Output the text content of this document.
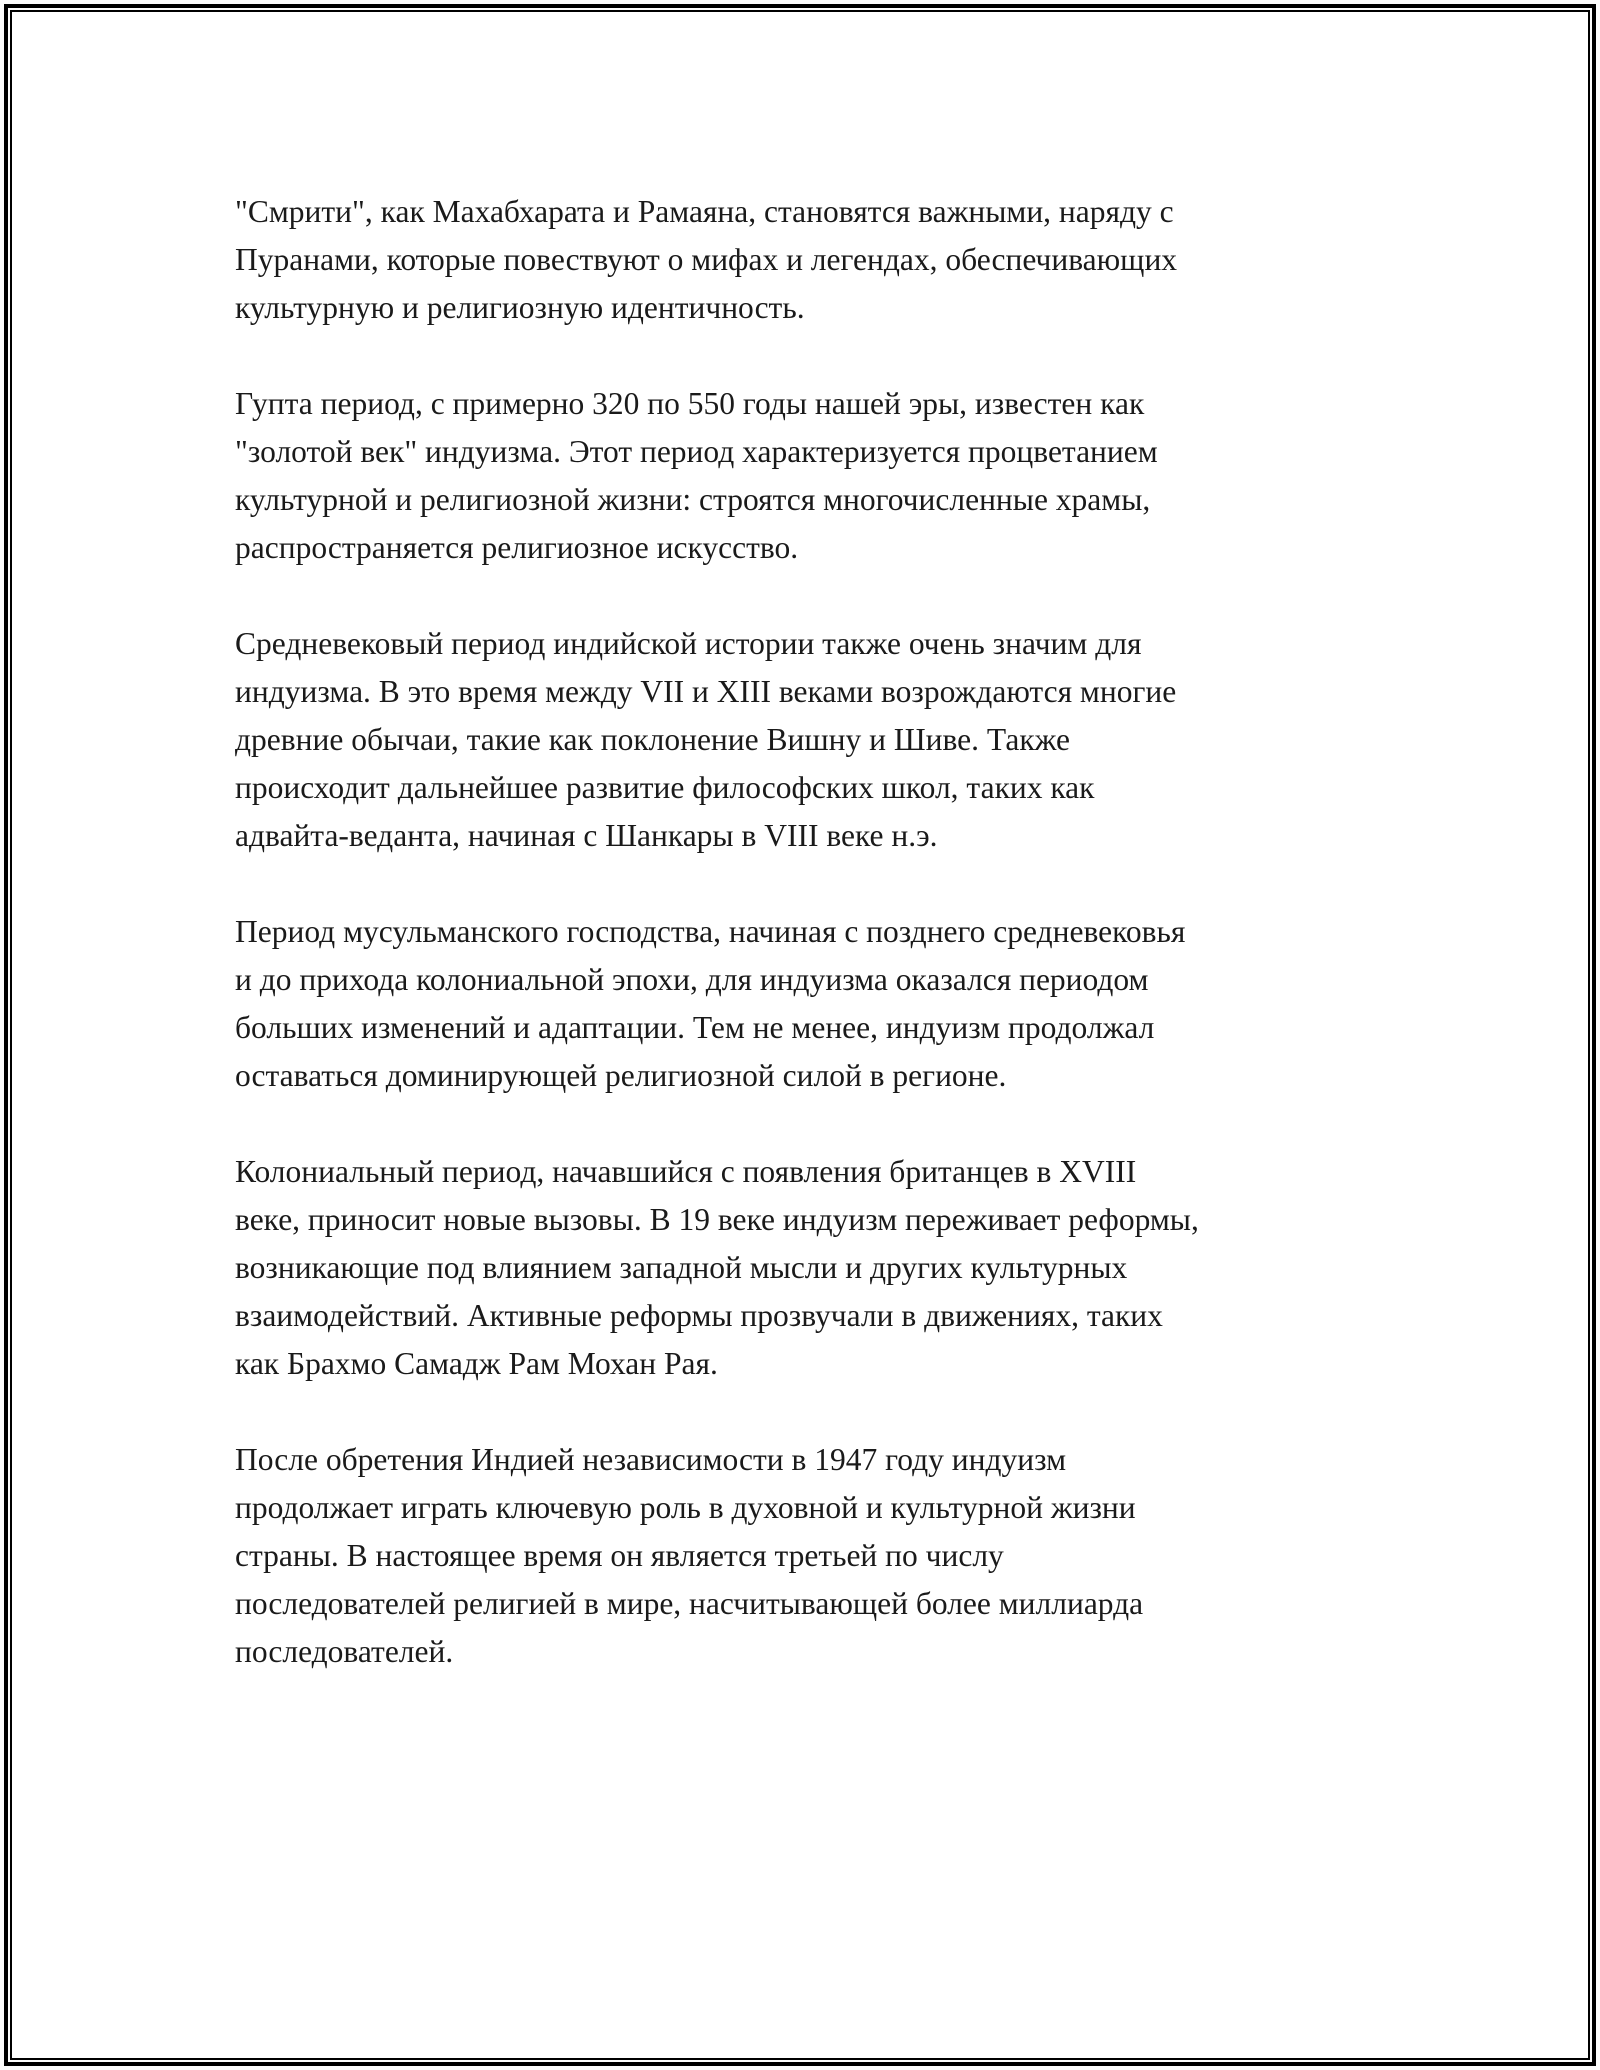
"Смрити", как Махабхарата и Рамаяна, становятся важными, наряду с
Пуранами, которые повествуют о мифах и легендах, обеспечивающих
культурную и религиозную идентичность.

Гупта период, с примерно 320 по 550 годы нашей эры, известен как
"золотой век" индуизма. Этот период характеризуется процветанием
культурной и религиозной жизни: строятся многочисленные храмы,
распространяется религиозное искусство.

Средневековый период индийской истории также очень значим для
индуизма. В это время между VII и XIII веками возрождаются многие
древние обычаи, такие как поклонение Вишну и Шиве. Также
происходит дальнейшее развитие философских школ, таких как
адвайта-веданта, начиная с Шанкары в VIII веке н.э.

Период мусульманского господства, начиная с позднего средневековья
и до прихода колониальной эпохи, для индуизма оказался периодом
больших изменений и адаптации. Тем не менее, индуизм продолжал
оставаться доминирующей религиозной силой в регионе.

Колониальный период, начавшийся с появления британцев в XVIII
веке, приносит новые вызовы. В 19 веке индуизм переживает реформы,
возникающие под влиянием западной мысли и других культурных
взаимодействий. Активные реформы прозвучали в движениях, таких
как Брахмо Самадж Рам Мохан Рая.

После обретения Индией независимости в 1947 году индуизм
продолжает играть ключевую роль в духовной и культурной жизни
страны. В настоящее время он является третьей по числу
последователей религией в мире, насчитывающей более миллиарда
последователей.
